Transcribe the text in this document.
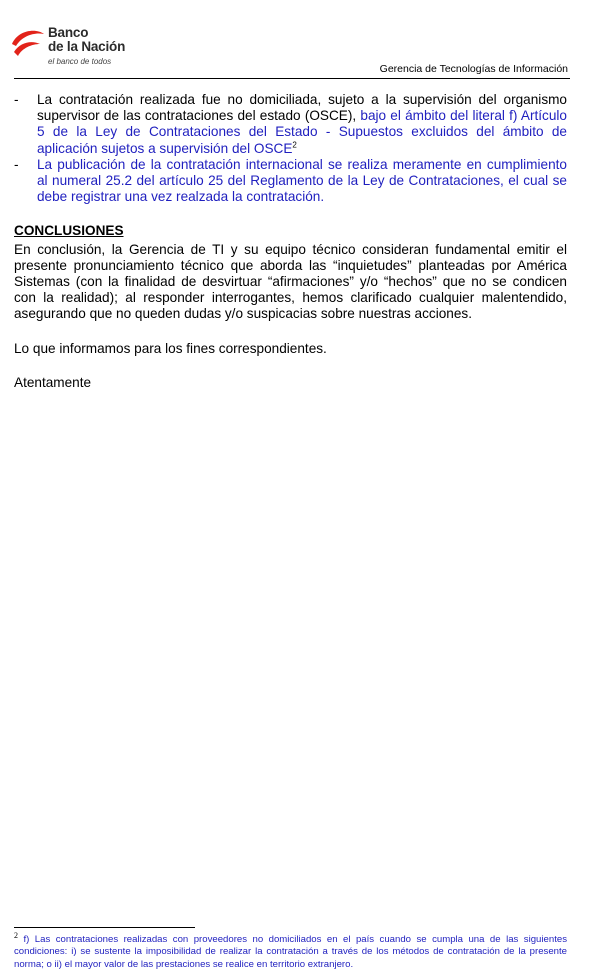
Banco
de la Nación
el banco de todos
Gerencia de Tecnologías de Información
- La contratación realizada fue no domiciliada, sujeto a la supervisión del organismo supervisor de las contrataciones del estado (OSCE), bajo el ámbito del literal f) Artículo 5 de la Ley de Contrataciones del Estado - Supuestos excluidos del ámbito de aplicación sujetos a supervisión del OSCE$^2$
- La publicación de la contratación internacional se realiza meramente en cumplimiento al numeral 25.2 del artículo 25 del Reglamento de la Ley de Contrataciones, el cual se debe registrar una vez realzada la contratación.
CONCLUSIONES
En conclusión, la Gerencia de TI y su equipo técnico consideran fundamental emitir el presente pronunciamiento técnico que aborda las “inquietudes” planteadas por América Sistemas (con la finalidad de desvirtuar “afirmaciones” y/o “hechos” que no se condicen con la realidad); al responder interrogantes, hemos clarificado cualquier malentendido, asegurando que no queden dudas y/o suspicacias sobre nuestras acciones.
Lo que informamos para los fines correspondientes.
Atentamente
$^2$ f) Las contrataciones realizadas con proveedores no domiciliados en el país cuando se cumpla una de las siguientes condiciones: i) se sustente la imposibilidad de realizar la contratación a través de los métodos de contratación de la presente norma; o ii) el mayor valor de las prestaciones se realice en territorio extranjero.
